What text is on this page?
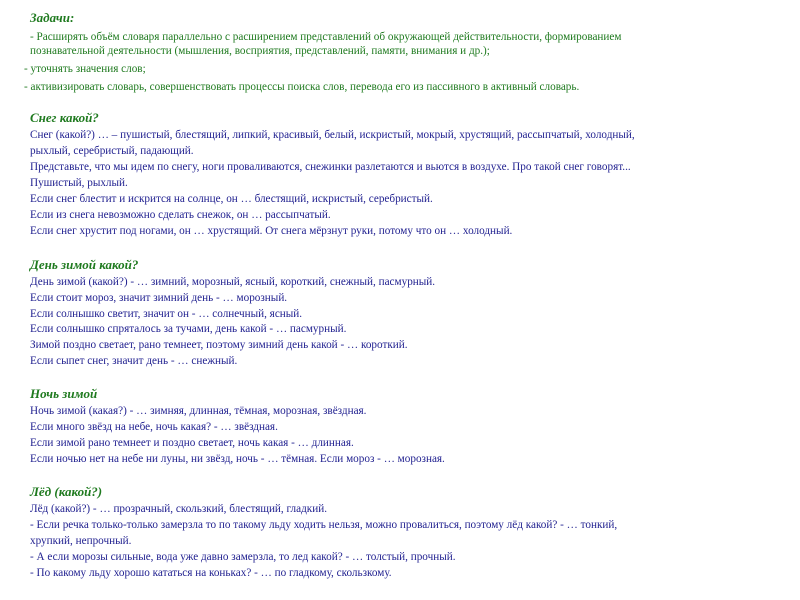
Задачи:
- Расширять объём словаря параллельно с расширением представлений об окружающей действительности, формированием
познавательной деятельности (мышления, восприятия, представлений, памяти, внимания и др.);
- уточнять значения слов;
- активизировать словарь, совершенствовать процессы поиска слов, перевода его из пассивного в активный словарь.
Снег какой?
Снег (какой?) … – пушистый, блестящий, липкий, красивый, белый, искристый, мокрый, хрустящий, рассыпчатый, холодный,
рыхлый, серебристый, падающий.
Представьте, что мы идем по снегу, ноги проваливаются, снежинки разлетаются и вьются в воздухе. Про такой снег говорят...
Пушистый, рыхлый.
Если снег блестит и искрится на солнце, он … блестящий, искристый, серебристый.
Если из снега невозможно сделать снежок, он … рассыпчатый.
Если снег хрустит под ногами, он … хрустящий. От снега мёрзнут руки, потому что он … холодный.
День зимой какой?
День зимой (какой?) - … зимний, морозный, ясный, короткий, снежный, пасмурный.
Если стоит мороз, значит зимний день - … морозный.
Если солнышко светит, значит он - … солнечный, ясный.
Если солнышко спряталось за тучами, день какой - … пасмурный.
Зимой поздно светает, рано темнеет, поэтому зимний день какой - … короткий.
Если сыпет снег, значит день - … снежный.
Ночь зимой
Ночь зимой (какая?) - … зимняя, длинная, тёмная, морозная, звёздная.
Если много звёзд на небе, ночь какая? - … звёздная.
Если зимой рано темнеет и поздно светает, ночь какая - … длинная.
Если ночью нет на небе ни луны, ни звёзд, ночь - … тёмная. Если мороз - … морозная.
Лёд (какой?)
Лёд (какой?) - … прозрачный, скользкий, блестящий, гладкий.
- Если речка только-только замерзла то по такому льду ходить нельзя, можно провалиться, поэтому лёд какой? - … тонкий,
хрупкий, непрочный.
- А если морозы сильные, вода уже давно замерзла, то лед какой? - … толстый, прочный.
- По какому льду хорошо кататься на коньках? - … по гладкому, скользкому.
